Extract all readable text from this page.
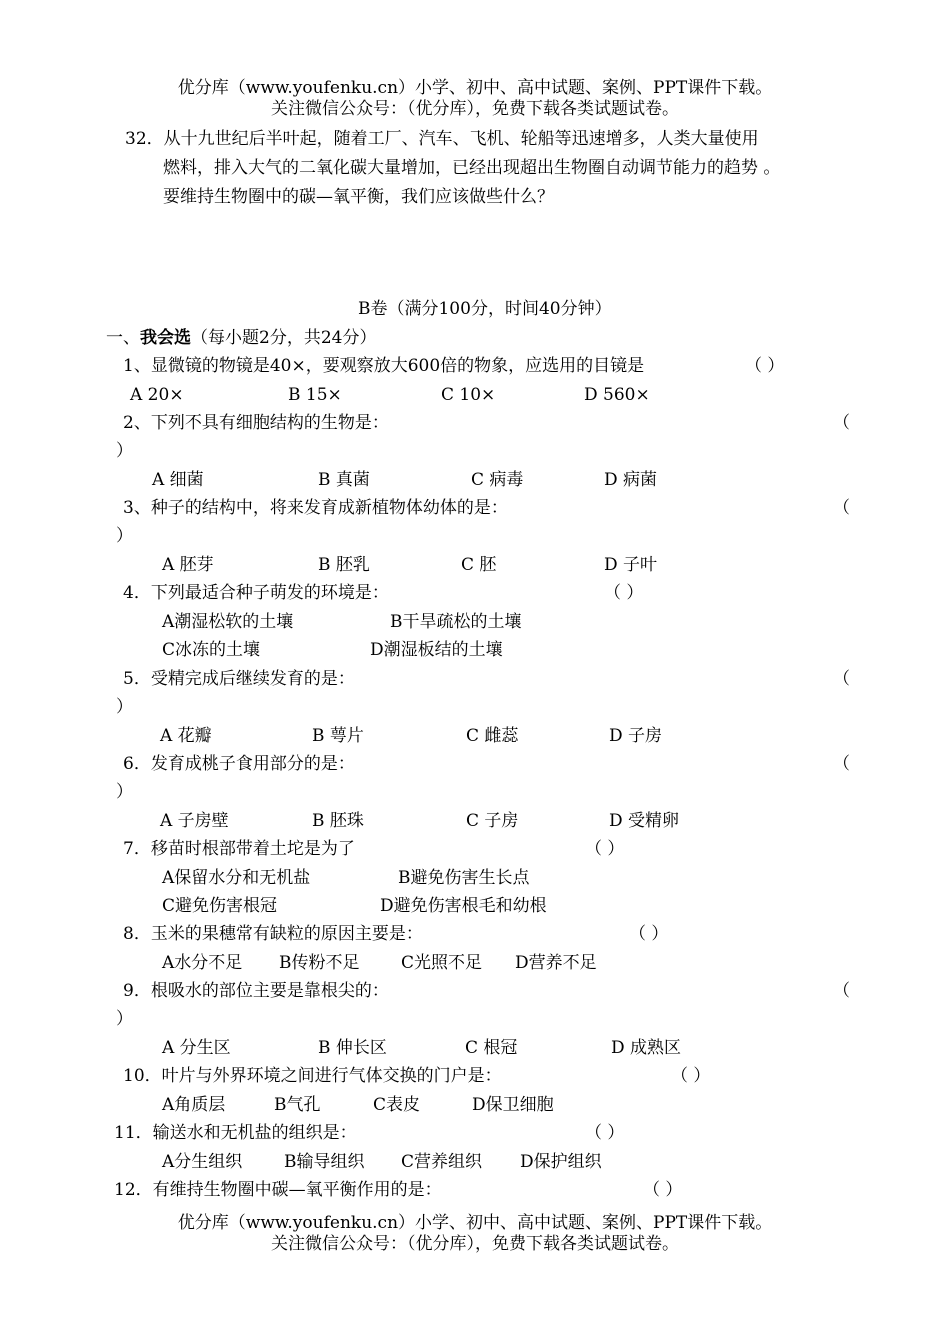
优分库（www.youfenku.cn）小学、初中、高中试题、案例、PPT课件下载。
关注微信公众号：（优分库），免费下载各类试题试卷。
32．从十九世纪后半叶起，随着工厂、汽车、飞机、轮船等迅速增多，人类大量使用
燃料，排入大气的二氧化碳大量增加，已经出现超出生物圈自动调节能力的趋势 。
要维持生物圈中的碳—氧平衡，我们应该做些什么？
B卷（满分100分，时间40分钟）
一、我会选（每小题2分，共24分）
1、显微镜的物镜是40×，要观察放大600倍的物象，应选用的目镜是	（ ）
A 20×	B 15×	C 10×	D 560×
2、下列不具有细胞结构的生物是：	（
）
A 细菌	B 真菌	C 病毒	D 病菌
3、种子的结构中，将来发育成新植物体幼体的是：	（
）
A 胚芽	B 胚乳	C 胚	D 子叶
4．下列最适合种子萌发的环境是：	（ ）
A潮湿松软的土壤	B干旱疏松的土壤
C冰冻的土壤	D潮湿板结的土壤
5．受精完成后继续发育的是：	（
）
A 花瓣	B 萼片	C 雌蕊	D 子房
6．发育成桃子食用部分的是：	（
）
A 子房壁	B 胚珠	C 子房	D 受精卵
7．移苗时根部带着土坨是为了	（ ）
A保留水分和无机盐	B避免伤害生长点
C避免伤害根冠	D避免伤害根毛和幼根
8．玉米的果穗常有缺粒的原因主要是：	（ ）
A水分不足 B传粉不足 C光照不足 D营养不足
9．根吸水的部位主要是靠根尖的：	（
）
A 分生区	B 伸长区	C 根冠	D 成熟区
10．叶片与外界环境之间进行气体交换的门户是：	（ ）
A角质层	B气孔	C表皮	D保卫细胞
11．输送水和无机盐的组织是：	（ ）
A分生组织 B输导组织 C营养组织 D保护组织
12．有维持生物圈中碳—氧平衡作用的是：	（ ）
优分库（www.youfenku.cn）小学、初中、高中试题、案例、PPT课件下载。
关注微信公众号：（优分库），免费下载各类试题试卷。
